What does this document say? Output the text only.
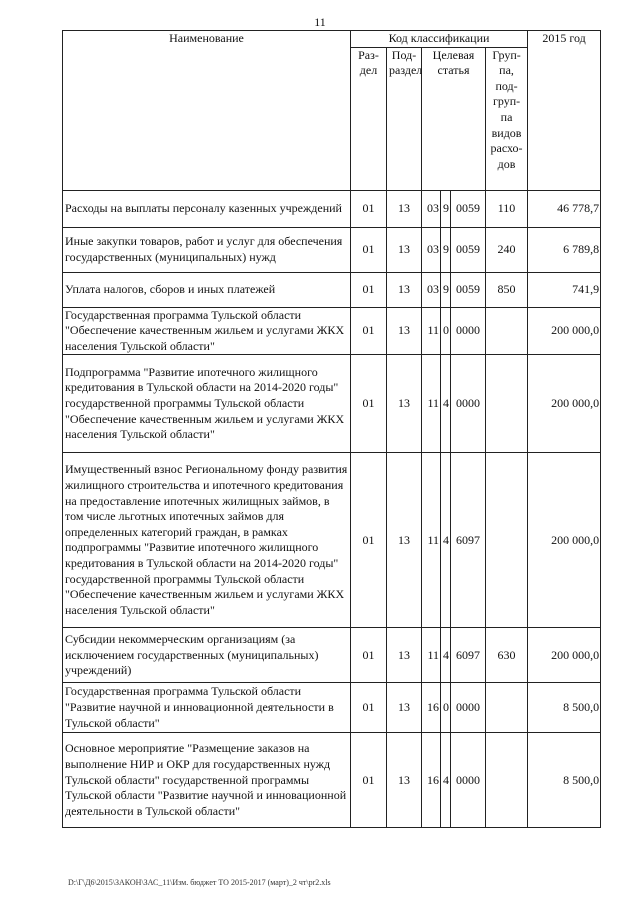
11
Наименование	Код классификации						2015 год
	Раз- дел	Под- раздел	Целевая статья			Груп- па, под- груп- па видов расхо- дов	
Расходы на выплаты персоналу казенных учреждений	01	13	03	9	0059	110	46 778,7
Иные закупки товаров, работ и услуг для обеспечения государственных (муниципальных) нужд	01	13	03	9	0059	240	6 789,8
Уплата налогов, сборов и иных платежей	01	13	03	9	0059	850	741,9
Государственная программа Тульской области "Обеспечение качественным жильем и услугами ЖКХ населения Тульской области"	01	13	11	0	0000		200 000,0
Подпрограмма "Развитие ипотечного жилищного кредитования в Тульской области на 2014-2020 годы" государственной программы Тульской области "Обеспечение качественным жильем и услугами ЖКХ населения Тульской области"	01	13	11	4	0000		200 000,0
Имущественный взнос Региональному фонду развития жилищного строительства и ипотечного кредитования на предоставление ипотечных жилищных займов, в том числе льготных ипотечных займов для определенных категорий граждан, в рамках подпрограммы "Развитие ипотечного жилищного кредитования в Тульской области на 2014-2020 годы" государственной программы Тульской области "Обеспечение качественным жильем и услугами ЖКХ населения Тульской области"	01	13	11	4	6097		200 000,0
Субсидии некоммерческим организациям (за исключением государственных (муниципальных) учреждений)	01	13	11	4	6097	630	200 000,0
Государственная программа Тульской области "Развитие научной и инновационной деятельности в Тульской области"	01	13	16	0	0000		8 500,0
Основное мероприятие "Размещение заказов на выполнение НИР и ОКР для государственных нужд Тульской области" государственной программы Тульской области "Развитие научной и инновационной деятельности в Тульской области"	01	13	16	4	0000		8 500,0
D:\Г\Д6\2015\ЗАКОН\ЗАС_11\Изм. бюджет ТО 2015-2017 (март)_2 чт\pr2.xls
